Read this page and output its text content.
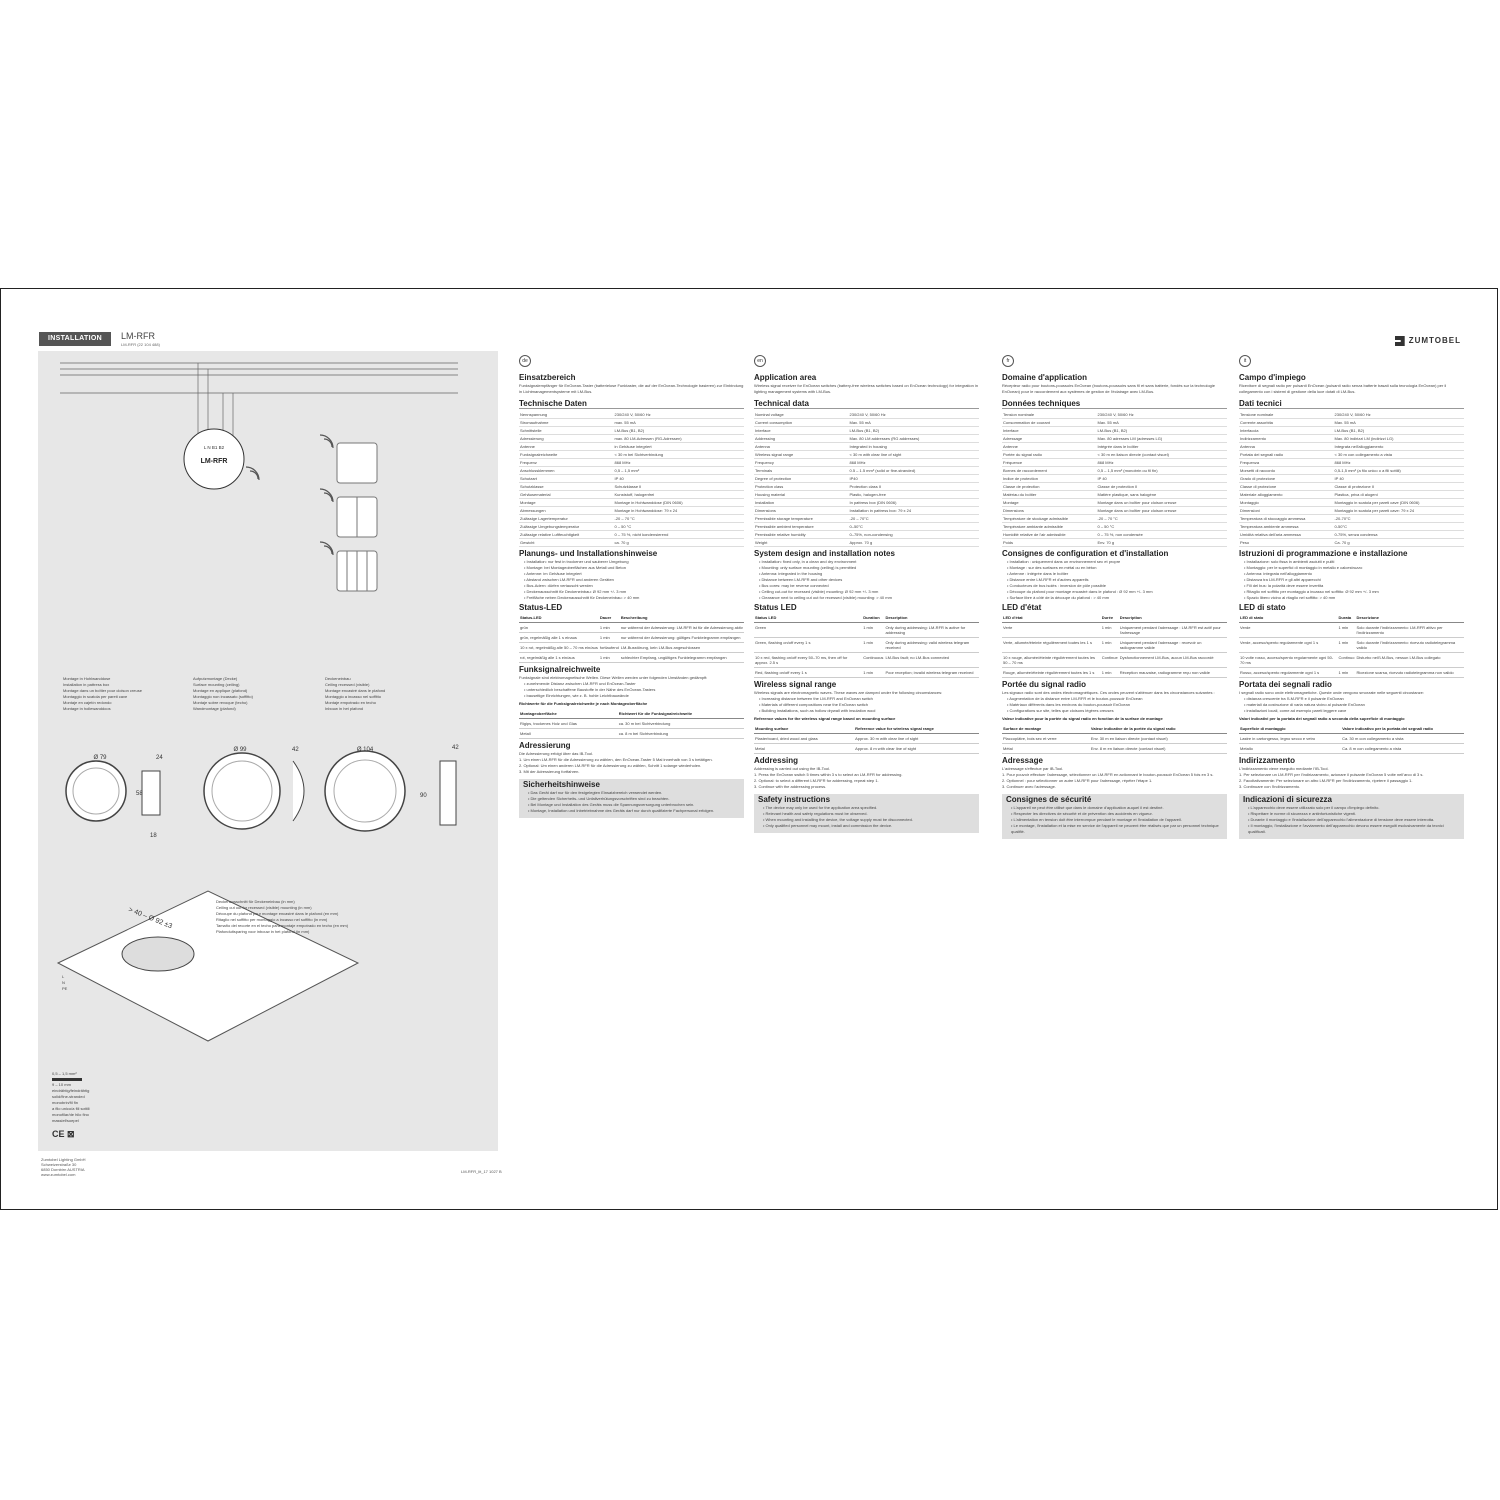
INSTALLATION	LM-RFR
LM-RFR (22 104 488)	ZUMTOBEL
LM-RFR
L N B1 B2
Ø 79	24
58
18
Ø 99	42	Ø 104	42
90
> 40 – Ø 92 ±3
L
N
PE
Montage in Hohlwanddose
Installation in pattress box
Montage dans un boîtier pour cloison creuse
Montaggio in scatola per pareti cave
Montaje en cajetín redondo
Montage in hollewanddoos
Aufputzmontage (Decke)
Surface mounting (ceiling)
Montage en applique (plafond)
Montaggio non incassato (soffitto)
Montaje sobre revoque (techo)
Wandmontage (plafond)
Deckeneinbau
Ceiling recessed (visible)
Montage encastré dans le plafond
Montaggio a incasso nel soffitto
Montaje empotrado en techo
Inbouw in het plafond
Deckenausschnitt für Deckeneinbau (in mm)
Ceiling cut out for recessed (visible) mounting (in mm)
Découpe du plafond pour montage encastré dans le plafond (en mm)
Ritaglio nel soffitto per montaggio a incasso nel soffitto (in mm)
Tamaño del recorte en el techo para montaje empotrado en techo (en mm)
Plafonduitsparing voor inbouw in het plafond (in mm)
0,5 – 1,5 mm²
9 – 10 mm
eindrähtig/feindrähtig
solid/fine-stranded
monobrin/fil fin
a filo unico/a fili sottili
monofilar/de hilo fino
massief/soepel
CE ⊠
Zumtobel Lighting GmbH
Schweizerstraße 30
6850 Dornbirn AUSTRIA
www.zumtobel.com
LM-RFR_lit_17 1027 B
de
Einsatzbereich
Funksignalempfänger für EnOcean-Taster (batterielose Funktaster, die auf der EnOcean-Technologie basieren) zur Einbindung in Lichtmanagementsysteme mit LM-Bus.
Technische Daten
Nennspannung	230/240 V, 50/60 Hz
Stromaufnahme	max. 55 mA
Schnittstelle	LM-Bus (B1, B2)
Adressierung	max. 80 LM-Adressen (RG-Adressen)
Antenne	in Gehäuse integriert
Funksignalreichweite	< 30 m bei Sichtverbindung
Frequenz	868 MHz
Anschlussklemmen	0,5 – 1,5 mm²
Schutzart	IP 40
Schutzklasse	Schutzklasse II
Gehäusematerial	Kunststoff, halogenfrei
Montage	Montage in Hohlwanddose (DIN 0606)
Abmessungen	Montage in Hohlwanddose: 79 x 24
Zulässige Lagertemperatur	-20 – 70 °C
Zulässige Umgebungstemperatur	0 – 50 °C
Zulässige relative Luftfeuchtigkeit	0 – 75 %, nicht kondensierend
Gewicht	ca. 70 g
Planungs- und Installationshinweise
• Installation: nur fest in trockener und sauberer Umgebung
• Montage: bei Montageoberflächen aus Metall und Beton
• Antenne: im Gehäuse integriert
• Abstand zwischen LM-RFR und anderen Geräten
• Bus-Adern: dürfen vertauscht werden
• Deckenausschnitt für Deckeneinbau: Ø 92 mm +/- 3 mm
• Freifläche neben Deckenausschnitt für Deckeneinbau: > 40 mm
Status-LED
Status-LED	Dauer	Beschreibung
grün	1 min	nur während der Adressierung: LM-RFR ist für die Adressierung aktiv
grün, regelmäßig alle 1 s einaus	1 min	nur während der Adressierung: gültiges Funktelegramm empfangen
10 x rot, regelmäßig alle 50 – 70 ms ein/aus	fortlaufend	LM-Busstörung, kein LM-Bus angeschlossen
rot, regelmäßig alle 1 s ein/aus	1 min	schlechter Empfang, ungültiges Funktelegramm empfangen
Funksignalreichweite
Funksignale sind elektromagnetische Wellen. Diese Wellen werden unter folgenden Umständen gedämpft:
• zunehmende Distanz zwischen LM-RFR und EnOcean-Taster
• unterschiedlich beschaffene Baustoffe in der Nähe des EnOcean-Tasters
• bauseitige Einrichtungen, wie z. B. hohle Leichtbauwände
Richtwerte für die Funksignalreichweite je nach Montageoberfläche
Montageoberfläche	Richtwert für die Funksignalreichweite
Rigips, trockenes Holz und Glas	ca. 30 m bei Sichtverbindung
Metall	ca. 8 m bei Sichtverbindung
Adressierung
Die Adressierung erfolgt über das IB-Tool.
1. Um einen LM-RFR für die Adressierung zu wählen, den EnOcean-Taster 5 Mal innerhalb von 3 s betätigen.
2. Optional: Um einen anderen LM-RFR für die Adressierung zu wählen, Schritt 1 solange wiederholen.
3. Mit der Adressierung fortfahren.
Sicherheitshinweise
• Das Gerät darf nur für den festgelegten Einsatzbereich verwendet werden.
• Die geltenden Sicherheits- und Unfallverhütungsvorschriften sind zu beachten.
• Bei Montage und Installation des Geräts muss die Spannungsversorgung unterbrochen sein.
• Montage, Installation und Inbetriebnahme des Geräts darf nur durch qualifizierte Fachpersonal erfolgen.
en
Application area
Wireless signal receiver for EnOcean switches (battery-free wireless switches based on EnOcean technology) for integration in lighting management systems with LM-Bus.
Technical data
Nominal voltage	230/240 V, 50/60 Hz
Current consumption	Max. 55 mA
Interface	LM-Bus (B1, B2)
Addressing	Max. 80 LM addresses (RG addresses)
Antenna	Integrated in housing
Wireless signal range	< 30 m with clear line of sight
Frequency	868 MHz
Terminals	0.5 – 1.5 mm² (solid or fine-stranded)
Degree of protection	IP40
Protection class	Protection class II
Housing material	Plastic, halogen-free
Installation	In pattress box (DIN 0606)
Dimensions	Installation in pattress box: 79 x 24
Permissible storage temperature	-20 – 70°C
Permissible ambient temperature	0–50°C
Permissible relative humidity	0–75%, non-condensing
Weight	Approx. 70 g
System design and installation notes
• Installation: fixed only, in a clean and dry environment
• Mounting: only surface mounting (ceiling) is permitted
• Antenna: integrated in the housing
• Distance between LM-RFR and other devices
• Bus cores: may be reverse connected
• Ceiling cut-out for recessed (visible) mounting: Ø 92 mm +/- 3 mm
• Clearance next to ceiling cut out for recessed (visible) mounting: > 40 mm
Status LED
Status LED	Duration	Description
Green	1 min	Only during addressing: LM-RFR is active for addressing
Green, flashing on/off every 1 s	1 min	Only during addressing: valid wireless telegram received
10 x red, flashing on/off every 50–70 ms, then off for approx. 2.5 s	Continuous	LM-Bus fault; no LM-Bus connected
Red, flashing on/off every 1 s	1 min	Poor reception; invalid wireless telegram received
Wireless signal range
Wireless signals are electromagnetic waves. These waves are damped under the following circumstances:
• Increasing distance between the LM-RFR and EnOcean switch
• Materials of different compositions near the EnOcean switch
• Building installations, such as hollow drywall with insulation wool
Reference values for the wireless signal range based on mounting surface
Mounting surface	Reference value for wireless signal range
Plasterboard, dried wood and glass	Approx. 30 m with clear line of sight
Metal	Approx. 8 m with clear line of sight
Addressing
Addressing is carried out using the IB-Tool.
1. Press the EnOcean switch 5 times within 3 s to select an LM-RFR for addressing.
2. Optional: to select a different LM-RFR for addressing, repeat step 1.
3. Continue with the addressing process.
Safety instructions
• The device may only be used for the application area specified.
• Relevant health and safety regulations must be observed.
• When mounting and installing the device, the voltage supply must be disconnected.
• Only qualified personnel may mount, install and commission the device.
fr
Domaine d'application
Récepteur radio pour boutons-poussoirs EnOcean (boutons-poussoirs sans fil et sans batterie, fondés sur la technologie EnOcean) pour le raccordement aux systèmes de gestion de l'éclairage avec LM-Bus.
Données techniques
Tension nominale	230/240 V, 50/60 Hz
Consommation de courant	Max. 55 mA
Interface	LM-Bus (B1, B2)
Adressage	Max. 80 adresses LM (adresses LG)
Antenne	Intégrée dans le boîtier
Portée du signal radio	< 30 m en liaison directe (contact visuel)
Fréquence	868 MHz
Bornes de raccordement	0,5 – 1,5 mm² (monobrin ou fil fin)
Indice de protection	IP 40
Classe de protection	Classe de protection II
Matériau du boîtier	Matière plastique, sans halogène
Montage	Montage dans un boîtier pour cloison creuse
Dimensions	Montage dans un boîtier pour cloison creuse
Température de stockage admissible	-20 – 70 °C
Température ambiante admissible	0 – 50 °C
Humidité relative de l'air admissible	0 – 75 %, non condensée
Poids	Env. 70 g
Consignes de configuration et d'installation
• Installation : uniquement dans un environnement sec et propre
• Montage : sur des surfaces en métal ou en béton
• Antenne : intégrée dans le boîtier
• Distance entre LM-RFR et d'autres appareils
• Conducteurs de bus isolés : inversion de pôle possible
• Découpe du plafond pour montage encastré dans le plafond : Ø 92 mm +/- 3 mm
• Surface libre à côté de la découpe du plafond : > 40 mm
LED d'état
LED d'état	Durée	Description
Verte	1 min	Uniquement pendant l'adressage : LM-RFR est actif pour l'adressage
Verte, allumée/éteinte régulièrement toutes les 1 s	1 min	Uniquement pendant l'adressage : recevoir un radiogramme valide
10 x rouge, allumée/éteinte régulièrement toutes les 50 – 70 ms	Continue	Dysfonctionnement LM-Bus, aucun LM-Bus raccordé
Rouge, allumée/éteinte régulièrement toutes les 1 s	1 min	Réception mauvaise, radiogramme reçu non valide
Portée du signal radio
Les signaux radio sont des ondes électromagnétiques. Ces ondes peuvent s'atténuer dans les circonstances suivantes :
• Augmentation de la distance entre LM-RFR et le bouton-poussoir EnOcean
• Matériaux différents dans les environs du bouton-poussoir EnOcean
• Configurations sur site, telles que cloisons légères creuses
Valeur indicative pour la portée du signal radio en fonction de la surface de montage
Surface de montage	Valeur indicative de la portée du signal radio
Placcoplâtre, bois sec et verre	Env. 30 m en liaison directe (contact visuel)
Métal	Env. 8 m en liaison directe (contact visuel)
Adressage
L'adressage s'effectue par IB-Tool.
1. Pour pouvoir effectuer l'adressage, sélectionner un LM-RFR en actionnant le bouton-poussoir EnOcean 5 fois en 3 s.
2. Optionnel : pour sélectionner un autre LM-RFR pour l'adressage, répéter l'étape 1.
3. Continuer avec l'adressage.
Consignes de sécurité
• L'appareil ne peut être utilisé que dans le domaine d'application auquel il est destiné.
• Respecter les directives de sécurité et de prévention des accidents en vigueur.
• L'alimentation en tension doit être interrompue pendant le montage et l'installation de l'appareil.
• Le montage, l'installation et la mise en service de l'appareil ne peuvent être réalisés que par un personnel technique qualifié.
it
Campo d'impiego
Ricevitore di segnali radio per pulsanti EnOcean (pulsanti radio senza batterie basati sulla tecnologia EnOcean) per il collegamento con i sistemi di gestione della luce dotati di LM-Bus.
Dati tecnici
Tensione nominale	230/240 V, 50/60 Hz
Corrente assorbita	Max. 55 mA
Interfaccia	LM-Bus (B1, B2)
Indirizzamento	Max. 80 indirizzi LM (indirizzi LG)
Antenna	Integrata nell'alloggiamento
Portata dei segnali radio	< 30 m con collegamento a vista
Frequenza	868 MHz
Morsetti di raccordo	0,5-1,5 mm² (a filo unico o a fili sottili)
Grado di protezione	IP 40
Classe di protezione	Classe di protezione II
Materiale alloggiamento	Plastica, priva di alogeni
Montaggio	Montaggio in scatola per pareti cave (DIN 0606)
Dimensioni	Montaggio in scatola per pareti cave: 79 x 24
Temperatura di stoccaggio ammessa	-20-70°C
Temperatura ambiente ammessa	0-50°C
Umidità relativa dell'aria ammessa	0-75%, senza condensa
Peso	Ca. 70 g
Istruzioni di programmazione e installazione
• Installazione: solo fissa in ambienti asciutti e puliti
• Montaggio: per le superfici di montaggio in metallo e calcestruzzo
• Antenna: integrata nell'alloggiamento
• Distanza tra LM-RFR e gli altri apparecchi
• Fili del bus: la polarità deve essere invertita
• Ritaglio nel soffitto per montaggio a incasso nel soffitto: Ø 92 mm +/- 3 mm
• Spazio libero vicino al ritaglio nel soffitto: > 40 mm
LED di stato
LED di stato	Durata	Descrizione
Verde	1 min	Solo durante l'indirizzamento: LM-RFR attivo per l'indirizzamento
Verde, acceso/spento regolarmente ogni 1 s	1 min	Solo durante l'indirizzamento: ricevuto radiotelegramma valido
10 volte rosso, acceso/spento regolarmente ogni 50-70 ms	Continuo	Disturbo nell'LM-Bus, nessun LM-Bus collegato
Rosso, acceso/spento regolarmente ogni 1 s	1 min	Ricezione scarsa, ricevuto radiotelegramma non valido
Portata dei segnali radio
I segnali radio sono onde elettromagnetiche. Queste onde vengono smorzate nelle seguenti circostanze:
• distanza crescente tra l'LM-RFR e il pulsante EnOcean
• materiali da costruzione di varia natura vicino al pulsante EnOcean
• installazioni locali, come ad esempio pareti leggere cave
Valori indicativi per la portata dei segnali radio a seconda della superficie di montaggio
Superficie di montaggio	Valore indicativo per la portata dei segnali radio
Lastre in cartongesso, legno secco e vetro	Ca. 30 m con collegamento a vista
Metallo	Ca. 8 m con collegamento a vista
Indirizzamento
L'indirizzamento viene eseguito mediante l'IB-Tool.
1. Per selezionare un LM-RFR per l'indirizzamento, azionare il pulsante EnOcean 5 volte nell'arco di 3 s.
2. Facoltativamente: Per selezionare un altro LM-RFR per l'indirizzamento, ripetere il passaggio 1.
3. Continuare con l'indirizzamento.
Indicazioni di sicurezza
• L'apparecchio deve essere utilizzato solo per il campo d'impiego definito.
• Rispettare le norme di sicurezza e antinfortunistiche vigenti.
• Durante il montaggio e l'installazione dell'apparecchio l'alimentazione di tensione deve essere interrotta.
• Il montaggio, l'installazione e l'avviamento dell'apparecchio devono essere eseguiti esclusivamente da tecnici qualificati.
